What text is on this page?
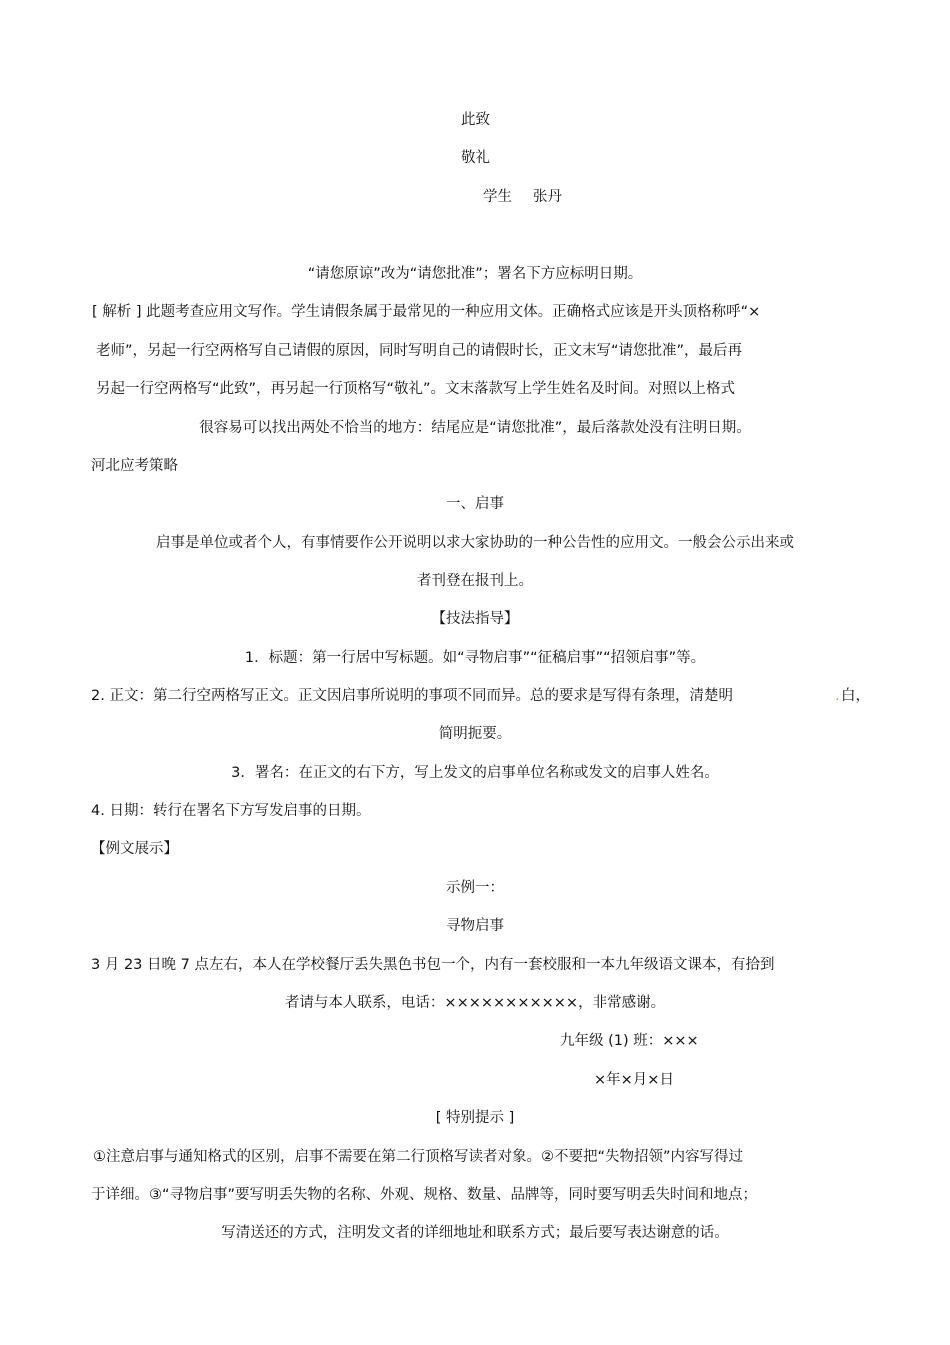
此致
敬礼
学生 张丹
“请您原谅”改为“请您批准”；署名下方应标明日期。
[ 解析 ] 此题考查应用文写作。学生请假条属于最常见的一种应用文体。正确格式应该是开头顶格称呼“×
老师”，另起一行空两格写自己请假的原因，同时写明自己的请假时长，正文末写“请您批准”，最后再
另起一行空两格写“此致”，再另起一行顶格写“敬礼”。文末落款写上学生姓名及时间。对照以上格式
很容易可以找出两处不恰当的地方：结尾应是“请您批准”，最后落款处没有注明日期。
河北应考策略
一、启事
启事是单位或者个人，有事情要作公开说明以求大家协助的一种公告性的应用文。一般会公示出来或
者刊登在报刊上。
【技法指导】
1．标题：第一行居中写标题。如“寻物启事”“征稿启事”“招领启事”等。
2. 正文：第二行空两格写正文。正文因启事所说明的事项不同而异。总的要求是写得有条理，清楚明	. 白，
简明扼要。
3．署名：在正文的右下方，写上发文的启事单位名称或发文的启事人姓名。
4. 日期：转行在署名下方写发启事的日期。
【例文展示】
示例一：
寻物启事
3 月 23 日晚 7 点左右，本人在学校餐厅丢失黑色书包一个，内有一套校服和一本九年级语文课本，有拾到
者请与本人联系，电话：×××××××××××，非常感谢。
九年级 (1) 班：×××
×年×月×日
[ 特别提示 ]
①注意启事与通知格式的区别，启事不需要在第二行顶格写读者对象。②不要把“失物招领”内容写得过
于详细。③“寻物启事”要写明丢失物的名称、外观、规格、数量、品牌等，同时要写明丢失时间和地点；
写清送还的方式，注明发文者的详细地址和联系方式；最后要写表达谢意的话。
